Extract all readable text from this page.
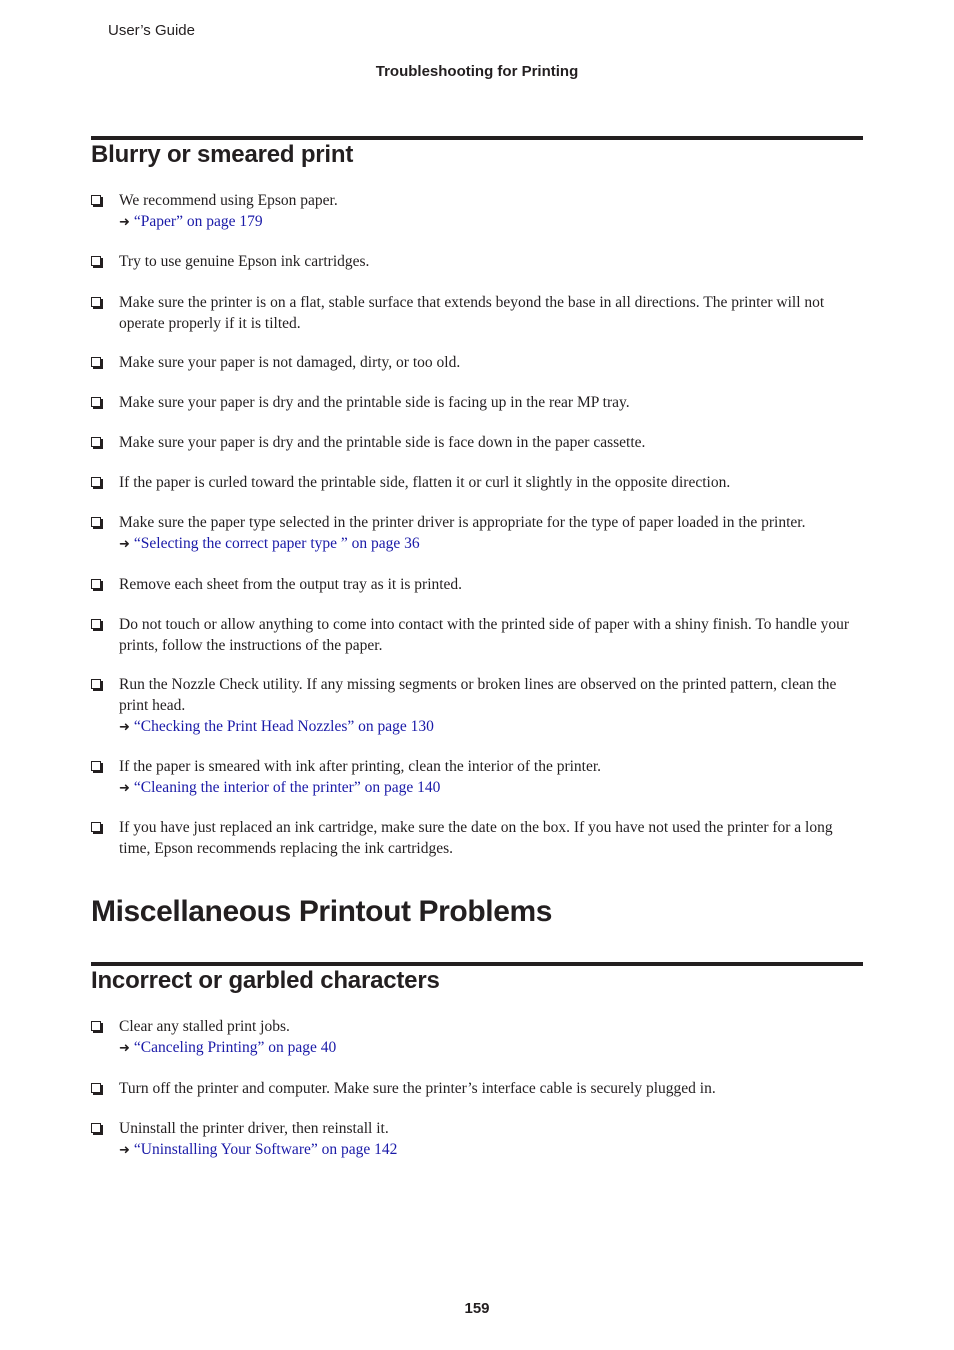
User’s Guide
Troubleshooting for Printing
Blurry or smeared print
We recommend using Epson paper.
➜ “Paper” on page 179
Try to use genuine Epson ink cartridges.
Make sure the printer is on a flat, stable surface that extends beyond the base in all directions. The printer will not operate properly if it is tilted.
Make sure your paper is not damaged, dirty, or too old.
Make sure your paper is dry and the printable side is facing up in the rear MP tray.
Make sure your paper is dry and the printable side is face down in the paper cassette.
If the paper is curled toward the printable side, flatten it or curl it slightly in the opposite direction.
Make sure the paper type selected in the printer driver is appropriate for the type of paper loaded in the printer.
➜ “Selecting the correct paper type ” on page 36
Remove each sheet from the output tray as it is printed.
Do not touch or allow anything to come into contact with the printed side of paper with a shiny finish. To handle your prints, follow the instructions of the paper.
Run the Nozzle Check utility. If any missing segments or broken lines are observed on the printed pattern, clean the print head.
➜ “Checking the Print Head Nozzles” on page 130
If the paper is smeared with ink after printing, clean the interior of the printer.
➜ “Cleaning the interior of the printer” on page 140
If you have just replaced an ink cartridge, make sure the date on the box. If you have not used the printer for a long time, Epson recommends replacing the ink cartridges.
Miscellaneous Printout Problems
Incorrect or garbled characters
Clear any stalled print jobs.
➜ “Canceling Printing” on page 40
Turn off the printer and computer. Make sure the printer’s interface cable is securely plugged in.
Uninstall the printer driver, then reinstall it.
➜ “Uninstalling Your Software” on page 142
159
